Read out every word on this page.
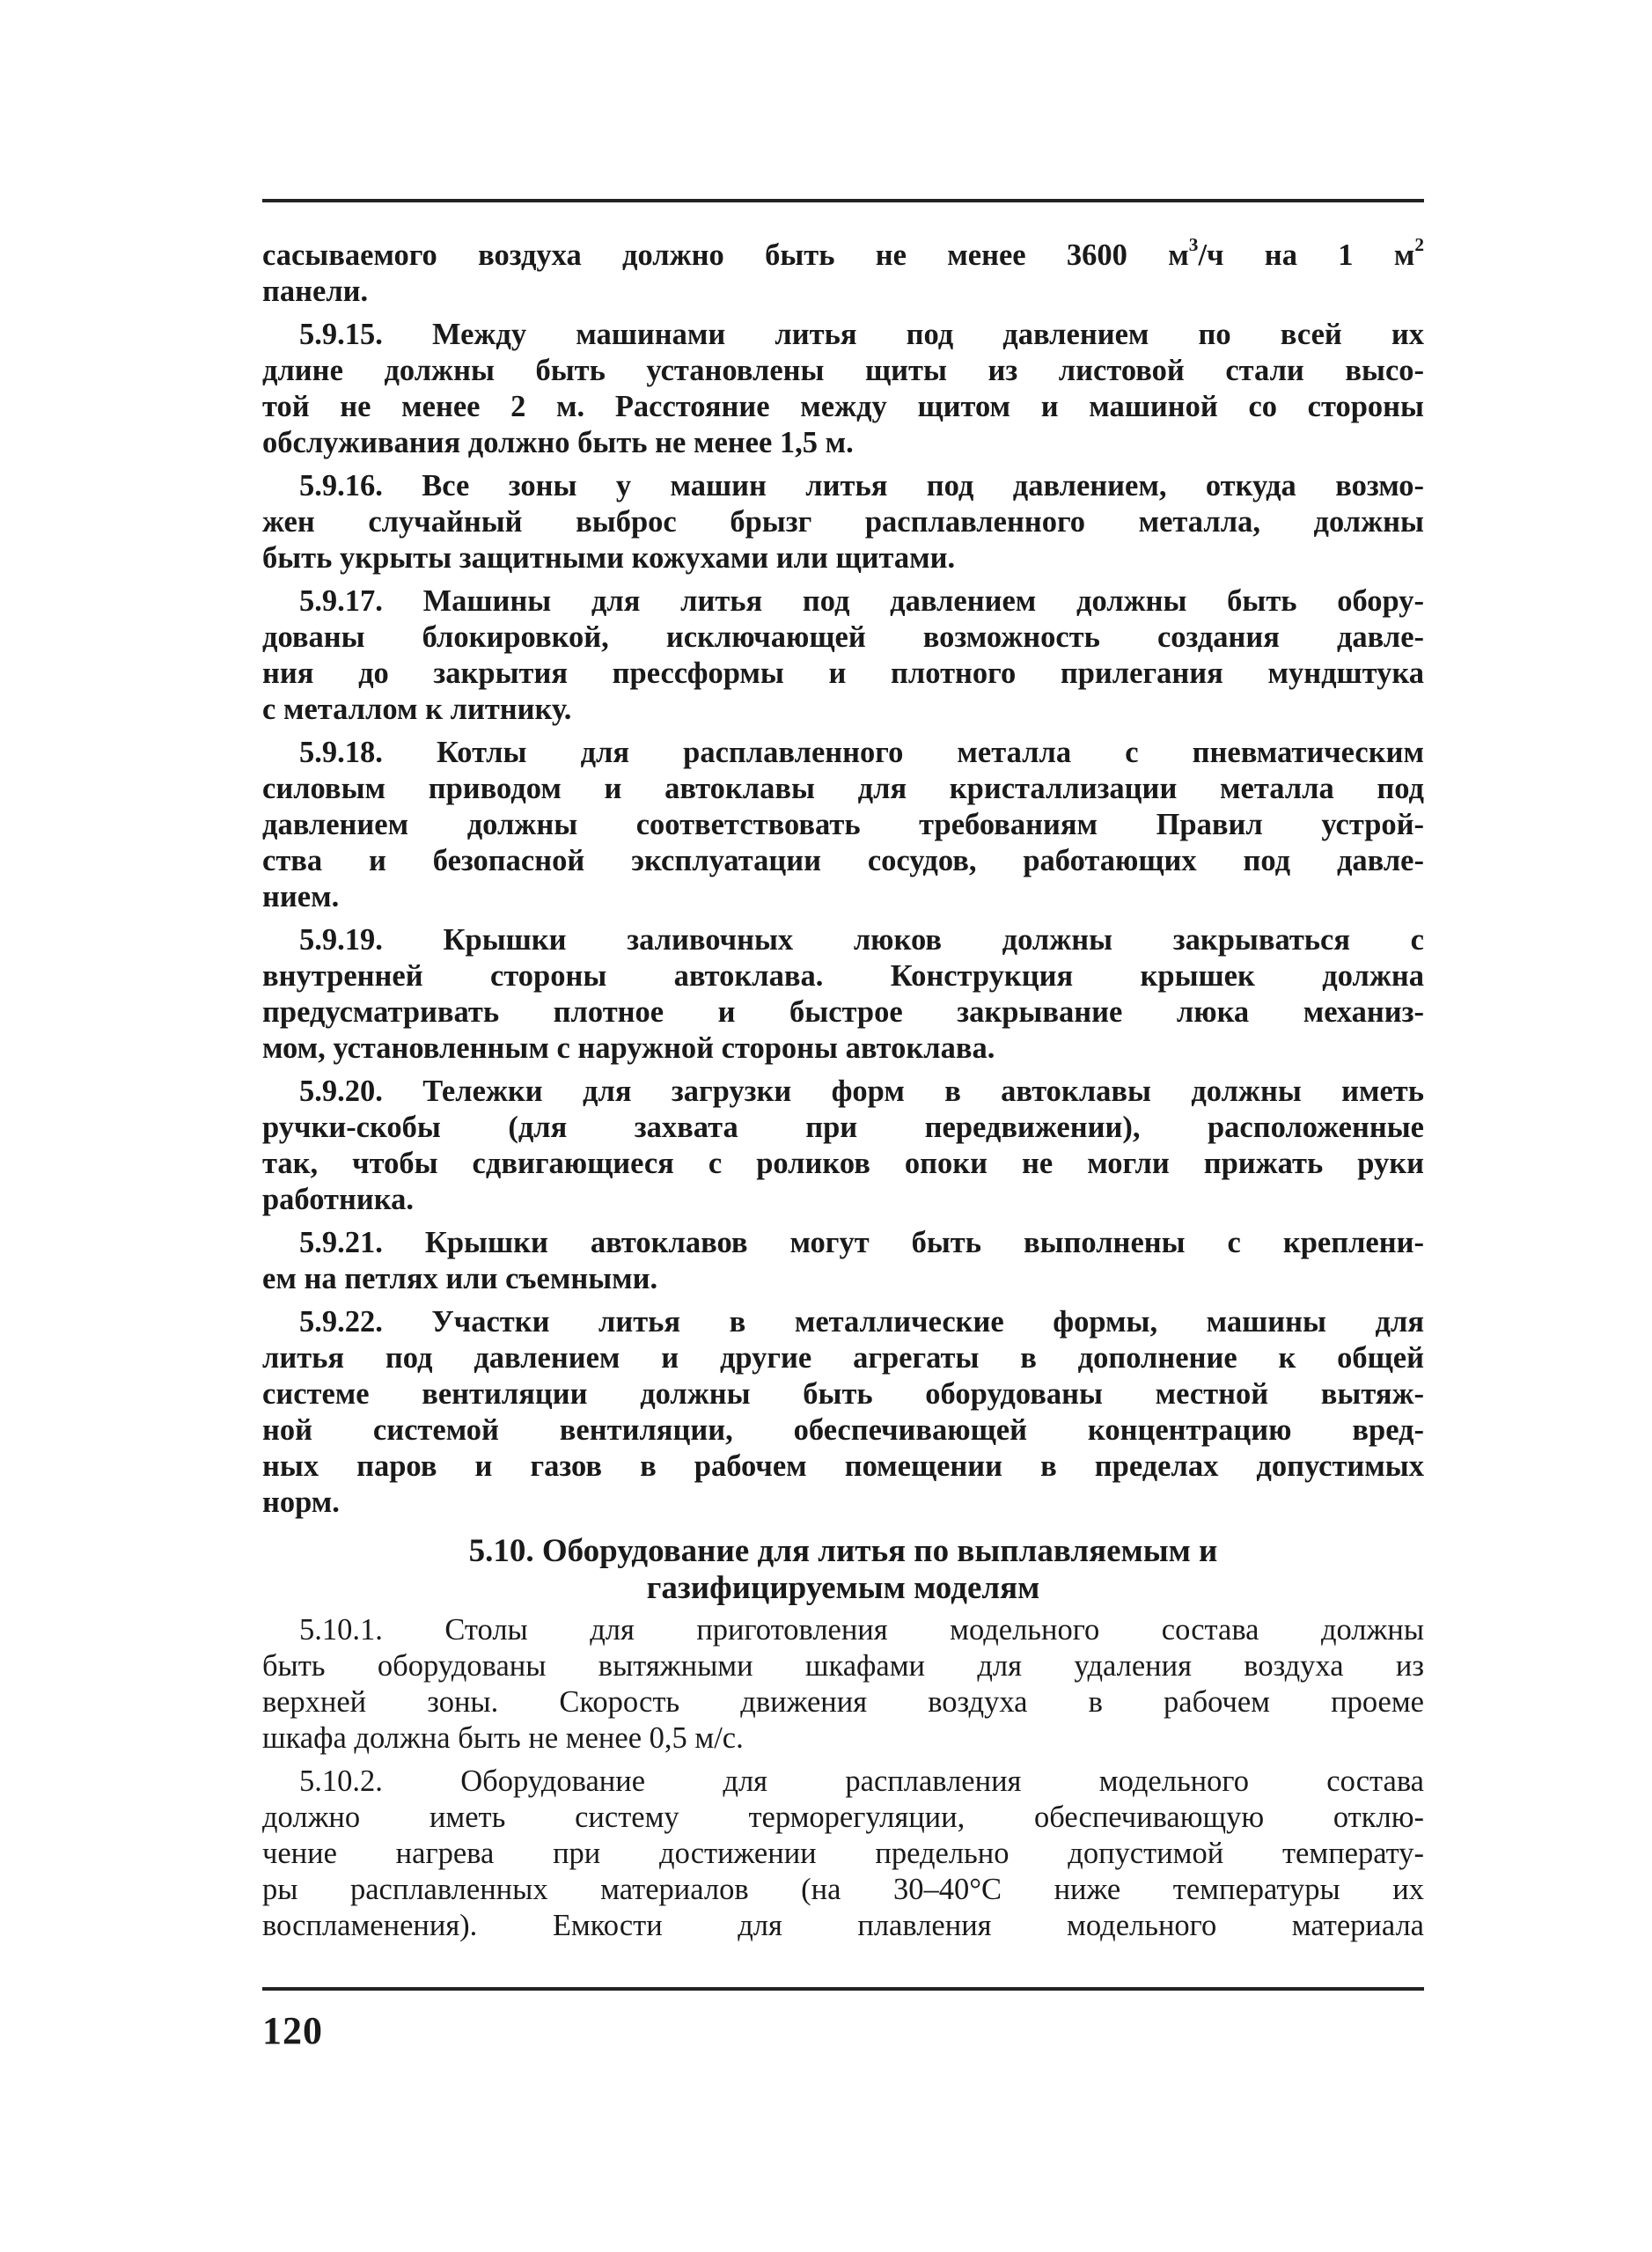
сасываемого воздуха должно быть не менее 3600 $м^3/ч$ на 1 $м^2$
панели.

5.9.15. Между машинами литья под давлением по всей их
длине должны быть установлены щиты из листовой стали высо-
той не менее 2 м. Расстояние между щитом и машиной со стороны
обслуживания должно быть не менее 1,5 м.

5.9.16. Все зоны у машин литья под давлением, откуда возмо-
жен случайный выброс брызг расплавленного металла, должны
быть укрыты защитными кожухами или щитами.

5.9.17. Машины для литья под давлением должны быть обору-
дованы блокировкой, исключающей возможность создания давле-
ния до закрытия прессформы и плотного прилегания мундштука
с металлом к литнику.

5.9.18. Котлы для расплавленного металла с пневматическим
силовым приводом и автоклавы для кристаллизации металла под
давлением должны соответствовать требованиям Правил устрой-
ства и безопасной эксплуатации сосудов, работающих под давле-
нием.

5.9.19. Крышки заливочных люков должны закрываться с
внутренней стороны автоклава. Конструкция крышек должна
предусматривать плотное и быстрое закрывание люка механиз-
мом, установленным с наружной стороны автоклава.

5.9.20. Тележки для загрузки форм в автоклавы должны иметь
ручки-скобы (для захвата при передвижении), расположенные
так, чтобы сдвигающиеся с роликов опоки не могли прижать руки
работника.

5.9.21. Крышки автоклавов могут быть выполнены с креплени-
ем на петлях или съемными.

5.9.22. Участки литья в металлические формы, машины для
литья под давлением и другие агрегаты в дополнение к общей
системе вентиляции должны быть оборудованы местной вытяж-
ной системой вентиляции, обеспечивающей концентрацию вред-
ных паров и газов в рабочем помещении в пределах допустимых
норм.

5.10. Оборудование для литья по выплавляемым и
газифицируемым моделям

5.10.1. Столы для приготовления модельного состава должны
быть оборудованы вытяжными шкафами для удаления воздуха из
верхней зоны. Скорость движения воздуха в рабочем проеме
шкафа должна быть не менее 0,5 м/с.

5.10.2. Оборудование для расплавления модельного состава
должно иметь систему терморегуляции, обеспечивающую отклю-
чение нагрева при достижении предельно допустимой температу-
ры расплавленных материалов (на 30–40°С ниже температуры их
воспламенения). Емкости для плавления модельного материала

120
